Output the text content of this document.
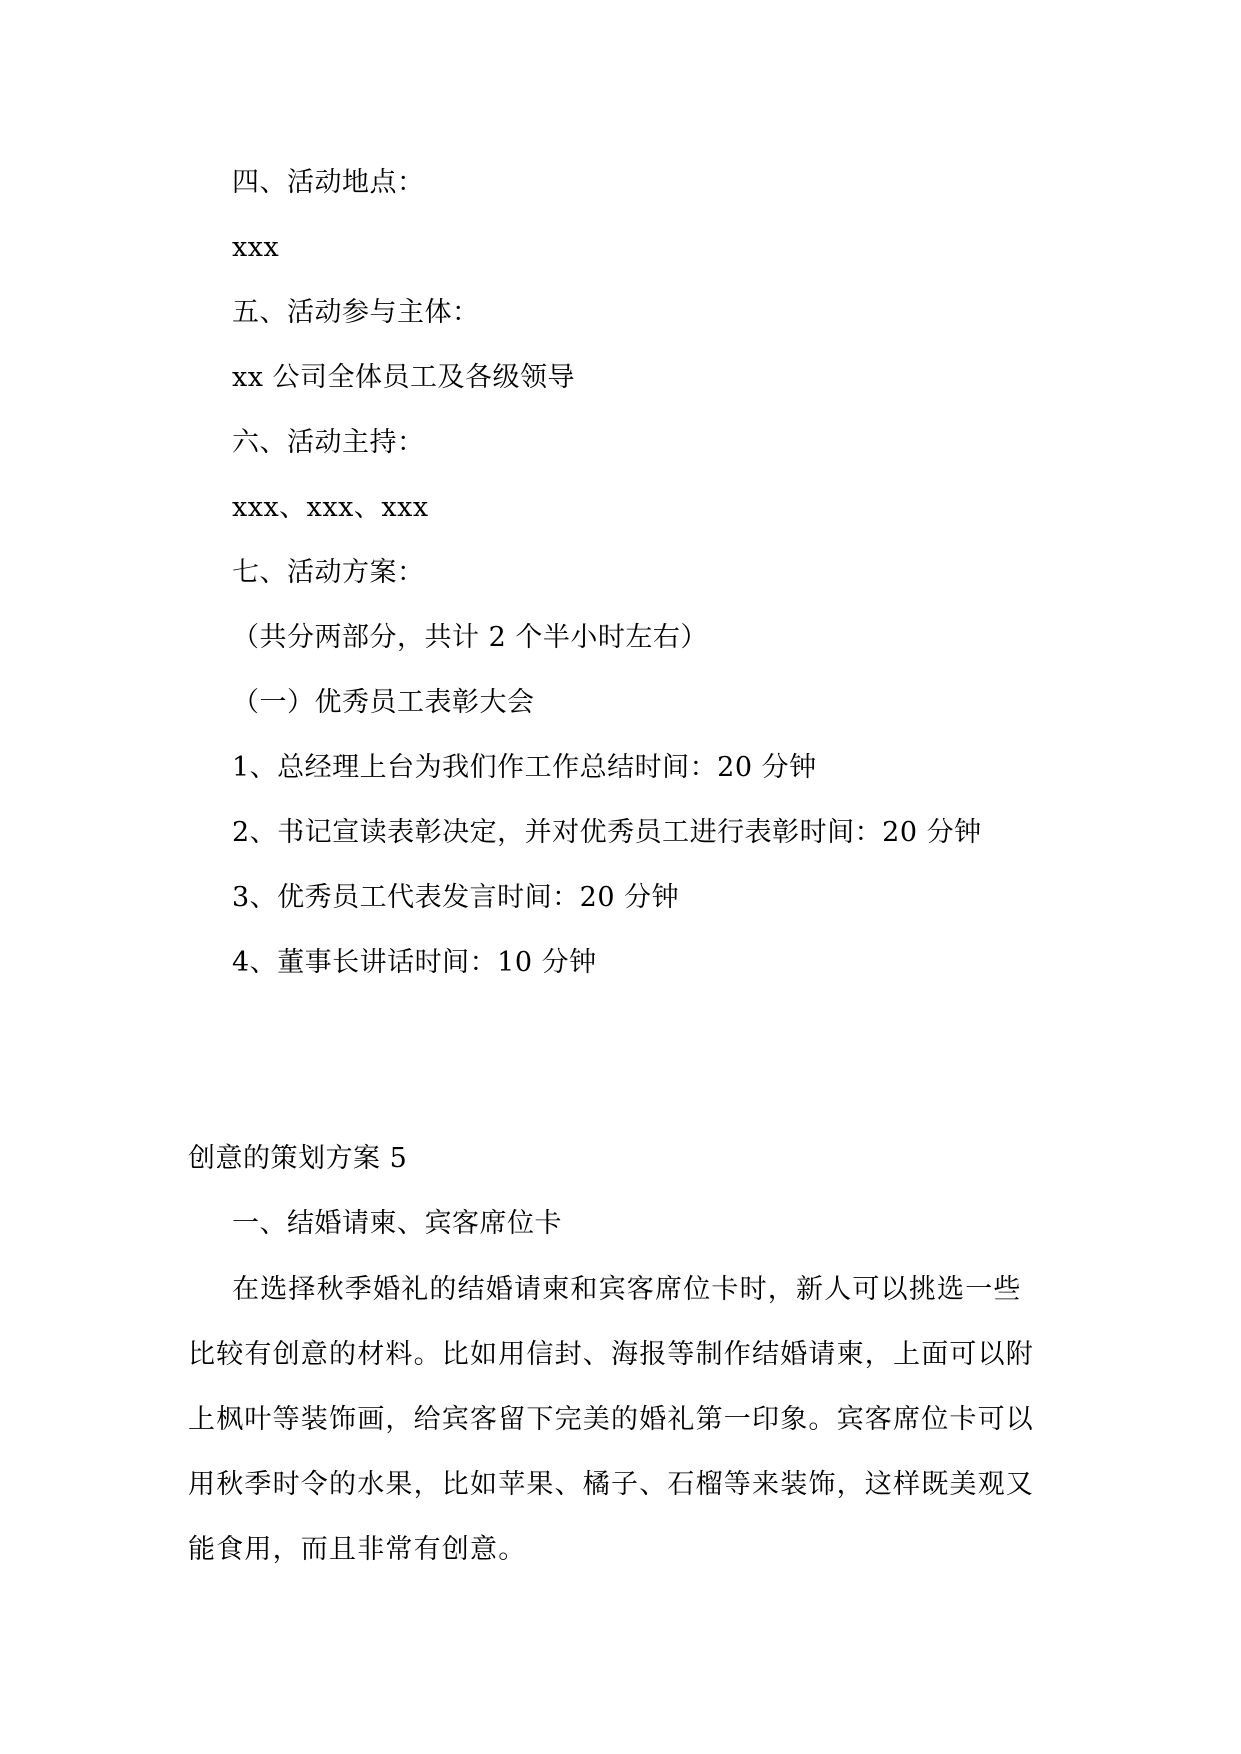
四、活动地点：
xxx
五、活动参与主体：
xx 公司全体员工及各级领导
六、活动主持：
xxx、xxx、xxx
七、活动方案：
（共分两部分，共计 2 个半小时左右）
（一）优秀员工表彰大会
1、总经理上台为我们作工作总结时间：20 分钟
2、书记宣读表彰决定，并对优秀员工进行表彰时间：20 分钟
3、优秀员工代表发言时间：20 分钟
4、董事长讲话时间：10 分钟
创意的策划方案 5
一、结婚请柬、宾客席位卡
在选择秋季婚礼的结婚请柬和宾客席位卡时，新人可以挑选一些
比较有创意的材料。比如用信封、海报等制作结婚请柬，上面可以附
上枫叶等装饰画，给宾客留下完美的婚礼第一印象。宾客席位卡可以
用秋季时令的水果，比如苹果、橘子、石榴等来装饰，这样既美观又
能食用，而且非常有创意。
